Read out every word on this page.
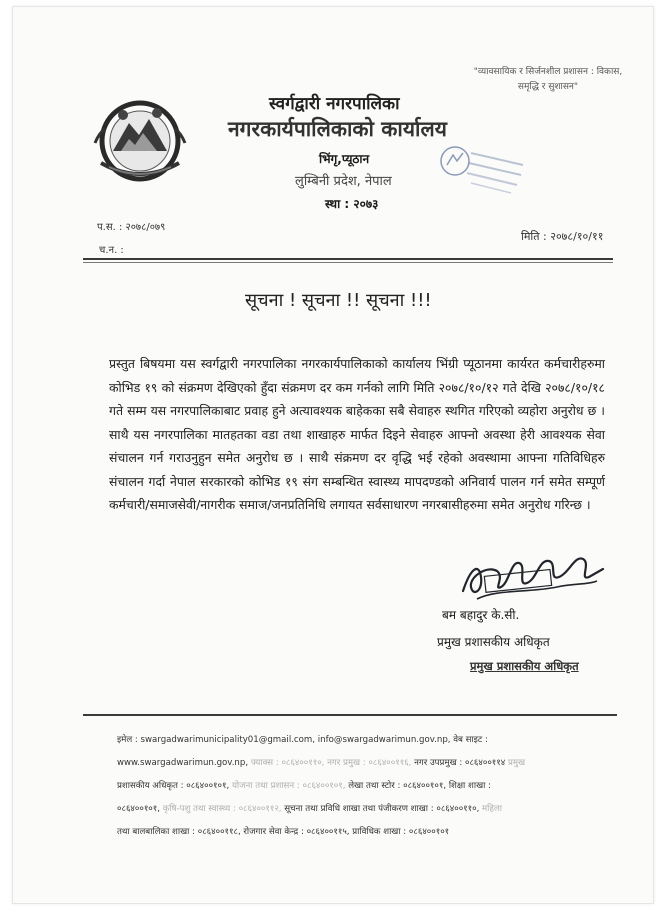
"व्यावसायिक र सिर्जनशील प्रशासन : विकास, समृद्धि र सुशासन"
स्वर्गद्वारी नगरपालिका
नगरकार्यपालिकाको कार्यालय
भिंगृ,प्यूठान
लुम्बिनी प्रदेश, नेपाल
स्था : २०७३
प.स. : २०७८/०७९
च.न. :
मिति : २०७८/१०/११
सूचना ! सूचना !! सूचना !!!
प्रस्तुत बिषयमा यस स्वर्गद्वारी नगरपालिका नगरकार्यपालिकाको कार्यालय भिंग्री प्यूठानमा कार्यरत कर्मचारीहरुमा कोभिड १९ को संक्रमण देखिएको हुँदा संक्रमण दर कम गर्नको लागि मिति २०७८/१०/१२ गते देखि २०७८/१०/१८ गते सम्म यस नगरपालिकाबाट प्रवाह हुने अत्यावश्यक बाहेकका सबै सेवाहरु स्थगित गरिएको व्यहोरा अनुरोध छ । साथै यस नगरपालिका मातहतका वडा तथा शाखाहरु मार्फत दिइने सेवाहरु आफ्नो अवस्था हेरी आवश्यक सेवा संचालन गर्न गराउनुहुन समेत अनुरोध छ । साथै संक्रमण दर वृद्धि भई रहेको अवस्थामा आफ्ना गतिविधिहरु संचालन गर्दा नेपाल सरकारको कोभिड १९ संग सम्बन्धित स्वास्थ्य मापदण्डको अनिवार्य पालन गर्न समेत सम्पूर्ण कर्मचारी/समाजसेवी/नागरीक समाज/जनप्रतिनिधि लगायत सर्वसाधारण नगरबासीहरुमा समेत अनुरोध गरिन्छ ।
बम बहादुर के.सी.
प्रमुख प्रशासकीय अधिकृत
प्रमुख प्रशासकीय अधिकृत
इमेल : swargadwarimunicipality01@gmail.com, info@swargadwarimun.gov.np, वेब साइट :
www.swargadwarimun.gov.np, फ्याक्स : ०८६४००११०, नगर प्रमुख : ०८६४००११६, नगर उपप्रमुख : ०८६४००११४ प्रमुख
प्रशासकीय अधिकृत : ०८६४००१०१, योजना तथा प्रशासन : ०८६४००१०१, लेखा तथा स्टोर : ०८६४००१०१, शिक्षा शाखा :
०८६४००१०१, कृषि-पशु तथा स्वास्थ्य : ०८६४००११२, सूचना तथा प्रविधि शाखा तथा पंजीकरण शाखा : ०८६४००११०, महिला
तथा बालबालिका शाखा : ०८६४००११८, रोजगार सेवा केन्द्र : ०८६४००११५, प्राविधिक शाखा : ०८६४००१०१
